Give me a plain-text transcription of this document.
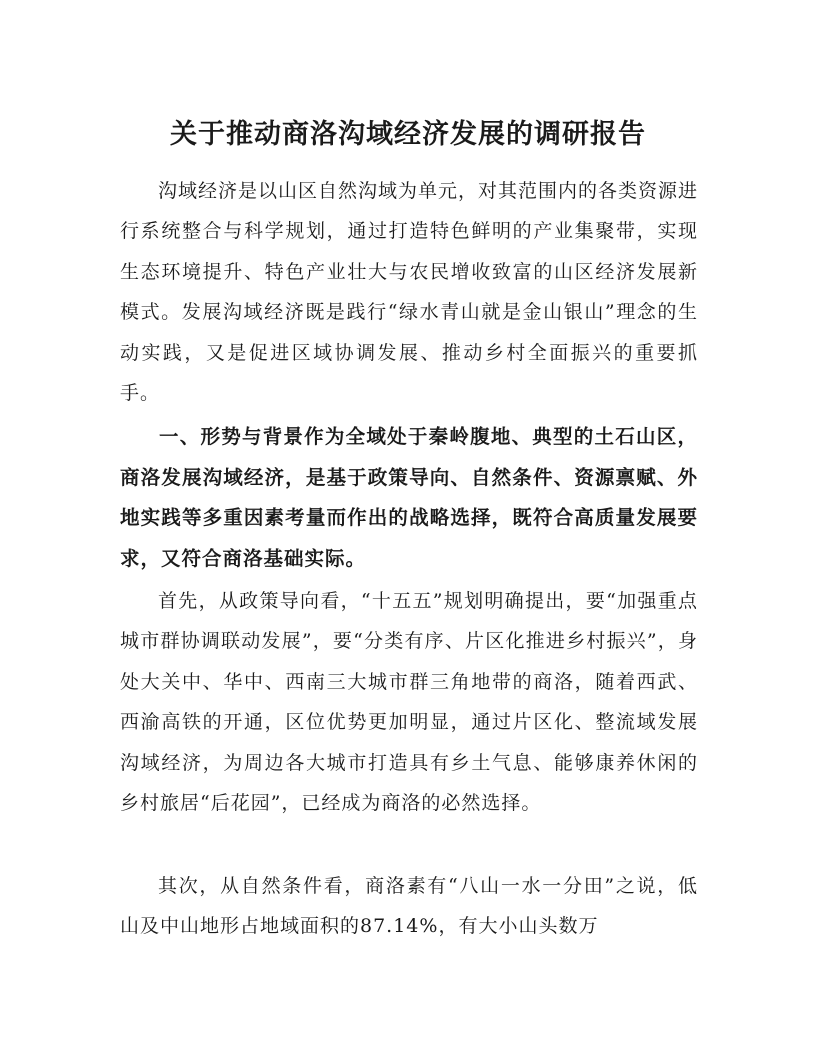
关于推动商洛沟域经济发展的调研报告

沟域经济是以山区自然沟域为单元，对其范围内的各类资源进行系统整合与科学规划，通过打造特色鲜明的产业集聚带，实现生态环境提升、特色产业壮大与农民增收致富的山区经济发展新模式。发展沟域经济既是践行“绿水青山就是金山银山”理念的生动实践，又是促进区域协调发展、推动乡村全面振兴的重要抓手。

一、形势与背景作为全域处于秦岭腹地、典型的土石山区，商洛发展沟域经济，是基于政策导向、自然条件、资源禀赋、外地实践等多重因素考量而作出的战略选择，既符合高质量发展要求，又符合商洛基础实际。

首先，从政策导向看，“十五五”规划明确提出，要“加强重点城市群协调联动发展”，要“分类有序、片区化推进乡村振兴”，身处大关中、华中、西南三大城市群三角地带的商洛，随着西武、西渝高铁的开通，区位优势更加明显，通过片区化、整流域发展沟域经济，为周边各大城市打造具有乡土气息、能够康养休闲的乡村旅居“后花园”，已经成为商洛的必然选择。

其次，从自然条件看，商洛素有“八山一水一分田”之说，低山及中山地形占地域面积的87.14%，有大小山头数万
